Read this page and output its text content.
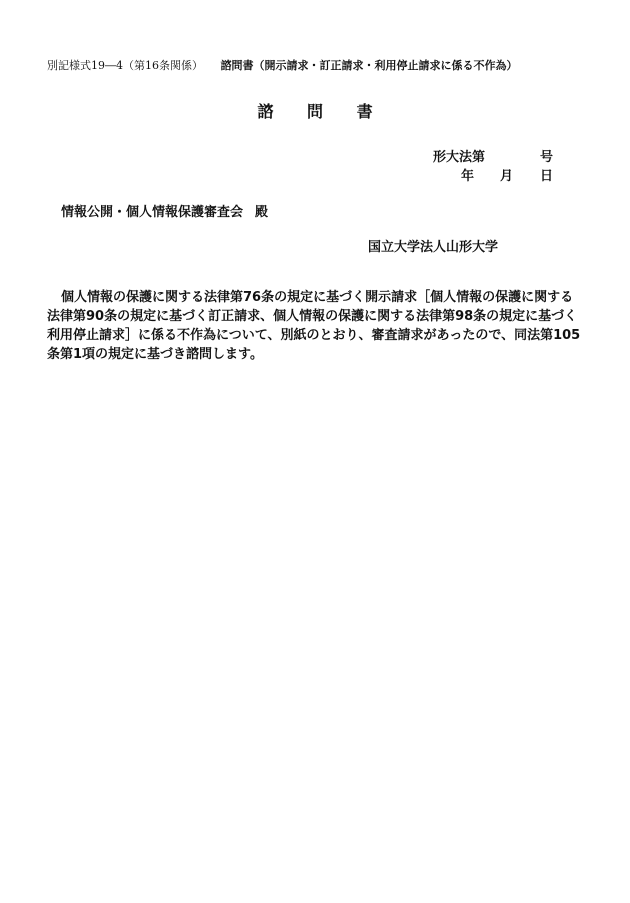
別記様式19―4（第16条関係） 諮問書（開示請求・訂正請求・利用停止請求に係る不作為）
諮 問 書
形大法第	号
年 月 日
情報公開・個人情報保護審査会 殿
国立大学法人山形大学
個人情報の保護に関する法律第76条の規定に基づく開示請求［個人情報の保護に関する
法律第90条の規定に基づく訂正請求、個人情報の保護に関する法律第98条の規定に基づく
利用停止請求］に係る不作為について、別紙のとおり、審査請求があったので、同法第105
条第1項の規定に基づき諮問します。
